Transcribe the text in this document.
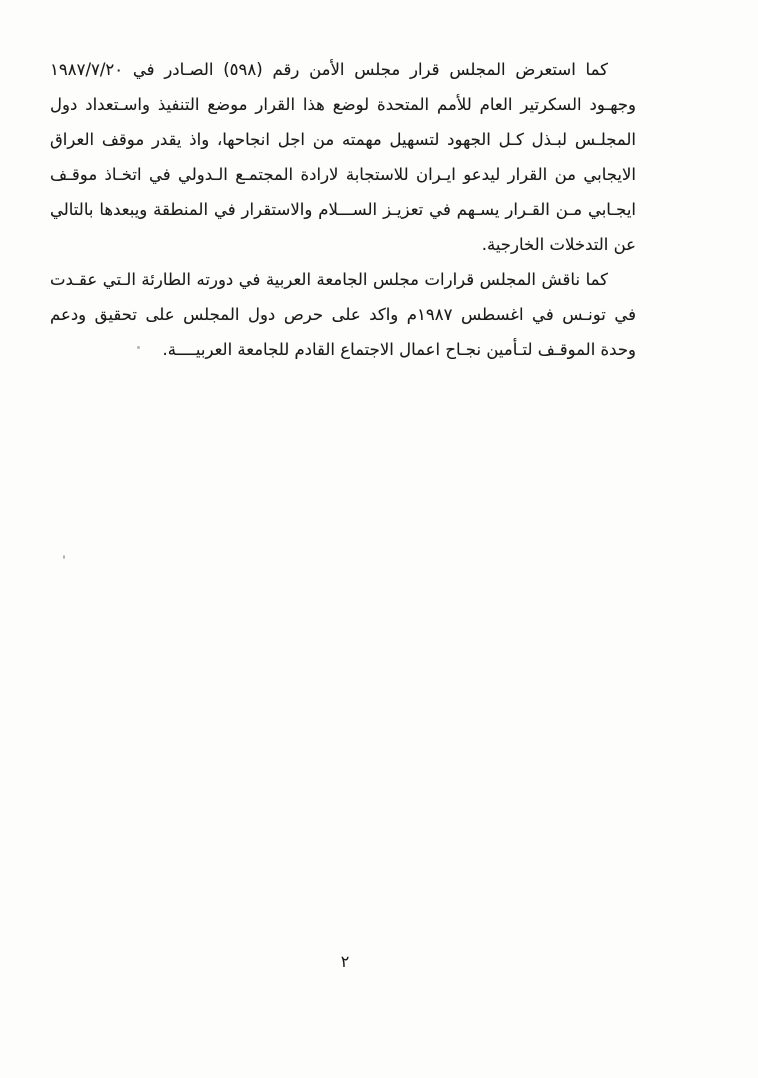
كما استعرض المجلس قرار مجلس الأمن رقم (٥٩٨) الصـادر في ١٩٨٧/٧/٢٠ وجهـود السكرتير العام للأمم المتحدة لوضع هذا القرار موضع التنفيذ واسـتعداد دول المجلـس لبـذل كـل الجهود لتسهيل مهمته من اجل انجاحها، واذ يقدر موقف العراق الايجابي من القرار ليدعو ايـران للاستجابة لارادة المجتمـع الـدولي في اتخـاذ موقـف ايجـابي مـن القـرار يسـهم في تعزيـز الســـلام والاستقرار في المنطقة ويبعدها بالتالي عن التدخلات الخارجية.

كما ناقش المجلس قرارات مجلس الجامعة العربية في دورته الطارئة الـتي عقـدت في تونـس في اغسطس ١٩٨٧م واكد على حرص دول المجلس على تحقيق ودعم وحدة الموقـف لتـأمين نجـاح اعمال الاجتماع القادم للجامعة العربيــــة.

٢
